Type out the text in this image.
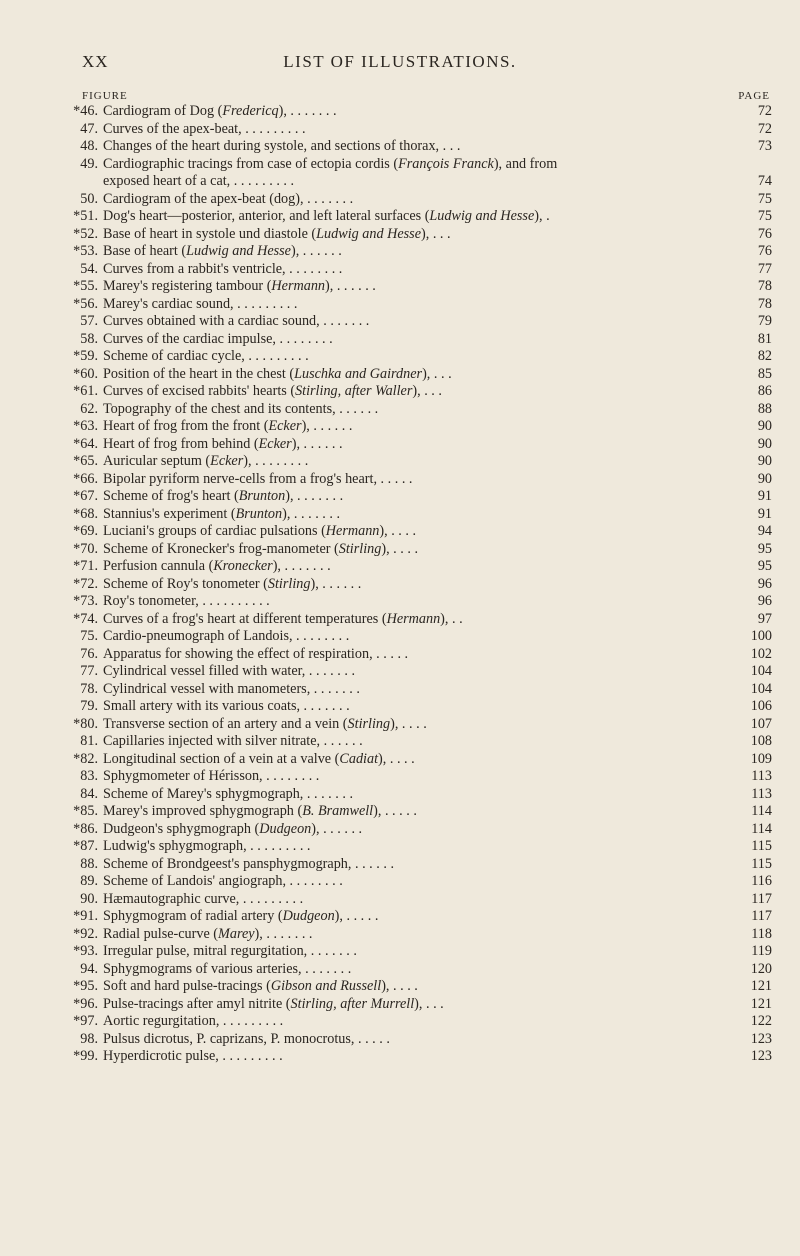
XX	LIST OF ILLUSTRATIONS.
FIGURE	PAGE
*46. Cardiogram of Dog (Fredericq), . . . . . . .	72
47. Curves of the apex-beat, . . . . . . . . .	72
48. Changes of the heart during systole, and sections of thorax, . . .	73
49. Cardiographic tracings from case of ectopia cordis (François Franck), and from
exposed heart of a cat, . . . . . . . . .	74
50. Cardiogram of the apex-beat (dog), . . . . . . .	75
*51. Dog's heart—posterior, anterior, and left lateral surfaces (Ludwig and Hesse), .	75
*52. Base of heart in systole und diastole (Ludwig and Hesse), . . .	76
*53. Base of heart (Ludwig and Hesse), . . . . . .	76
54. Curves from a rabbit's ventricle, . . . . . . . .	77
*55. Marey's registering tambour (Hermann), . . . . . .	78
*56. Marey's cardiac sound, . . . . . . . . .	78
57. Curves obtained with a cardiac sound, . . . . . . .	79
58. Curves of the cardiac impulse, . . . . . . . .	81
*59. Scheme of cardiac cycle, . . . . . . . . .	82
*60. Position of the heart in the chest (Luschka and Gairdner), . . .	85
*61. Curves of excised rabbits' hearts (Stirling, after Waller), . . .	86
62. Topography of the chest and its contents, . . . . . .	88
*63. Heart of frog from the front (Ecker), . . . . . .	90
*64. Heart of frog from behind (Ecker), . . . . . .	90
*65. Auricular septum (Ecker), . . . . . . . .	90
*66. Bipolar pyriform nerve-cells from a frog's heart, . . . . .	90
*67. Scheme of frog's heart (Brunton), . . . . . . .	91
*68. Stannius's experiment (Brunton), . . . . . . .	91
*69. Luciani's groups of cardiac pulsations (Hermann), . . . .	94
*70. Scheme of Kronecker's frog-manometer (Stirling), . . . .	95
*71. Perfusion cannula (Kronecker), . . . . . . .	95
*72. Scheme of Roy's tonometer (Stirling), . . . . . .	96
*73. Roy's tonometer, . . . . . . . . . .	96
*74. Curves of a frog's heart at different temperatures (Hermann), . .	97
75. Cardio-pneumograph of Landois, . . . . . . . .	100
76. Apparatus for showing the effect of respiration, . . . . .	102
77. Cylindrical vessel filled with water, . . . . . . .	104
78. Cylindrical vessel with manometers, . . . . . . .	104
79. Small artery with its various coats, . . . . . . .	106
*80. Transverse section of an artery and a vein (Stirling), . . . .	107
81. Capillaries injected with silver nitrate, . . . . . .	108
*82. Longitudinal section of a vein at a valve (Cadiat), . . . .	109
83. Sphygmometer of Hérisson, . . . . . . . .	113
84. Scheme of Marey's sphygmograph, . . . . . . .	113
*85. Marey's improved sphygmograph (B. Bramwell), . . . . .	114
*86. Dudgeon's sphygmograph (Dudgeon), . . . . . .	114
*87. Ludwig's sphygmograph, . . . . . . . . .	115
88. Scheme of Brondgeest's pansphygmograph, . . . . . .	115
89. Scheme of Landois' angiograph, . . . . . . . .	116
90. Hæmautographic curve, . . . . . . . . .	117
*91. Sphygmogram of radial artery (Dudgeon), . . . . .	117
*92. Radial pulse-curve (Marey), . . . . . . .	118
*93. Irregular pulse, mitral regurgitation, . . . . . . .	119
94. Sphygmograms of various arteries, . . . . . . .	120
*95. Soft and hard pulse-tracings (Gibson and Russell), . . . .	121
*96. Pulse-tracings after amyl nitrite (Stirling, after Murrell), . . .	121
*97. Aortic regurgitation, . . . . . . . . .	122
98. Pulsus dicrotus, P. caprizans, P. monocrotus, . . . . .	123
*99. Hyperdicrotic pulse, . . . . . . . . .	123
